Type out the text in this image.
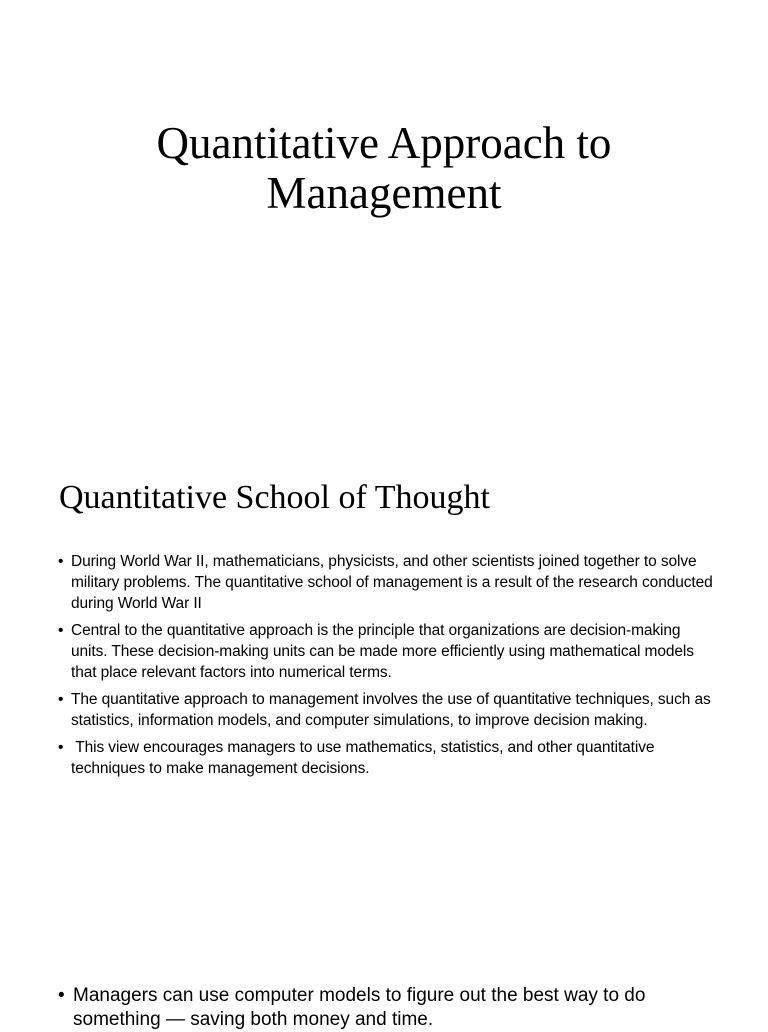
Quantitative Approach to
Management
Quantitative School of Thought
• During World War II, mathematicians, physicists, and other scientists joined together to solve military problems. The quantitative school of management is a result of the research conducted during World War II
• Central to the quantitative approach is the principle that organizations are decision-making units. These decision-making units can be made more efficiently using mathematical models that place relevant factors into numerical terms.
• The quantitative approach to management involves the use of quantitative techniques, such as statistics, information models, and computer simulations, to improve decision making.
• This view encourages managers to use mathematics, statistics, and other quantitative techniques to make management decisions.
• Managers can use computer models to figure out the best way to do something — saving both money and time.
